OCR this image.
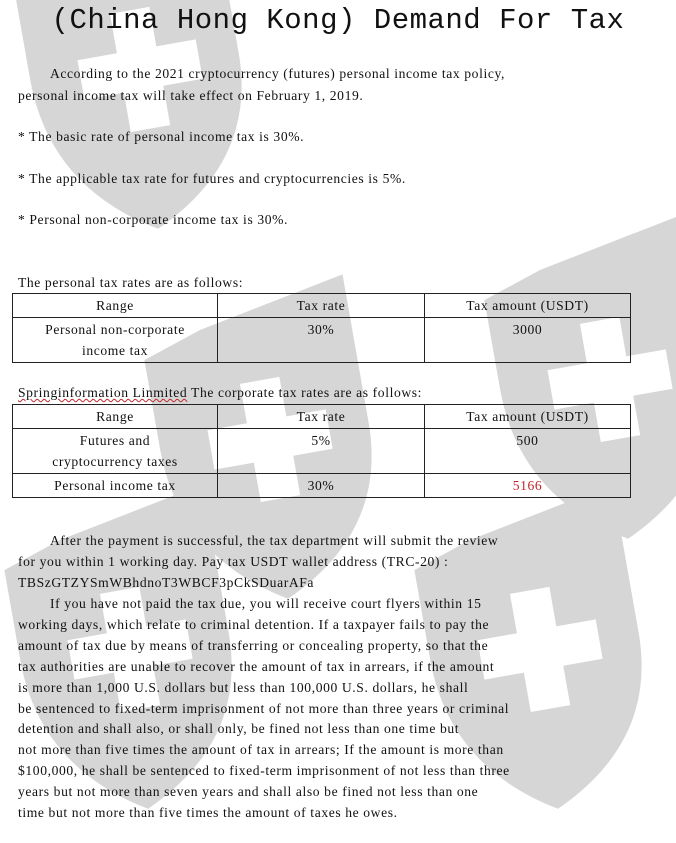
(China Hong Kong) Demand For Tax
According to the 2021 cryptocurrency (futures) personal income tax policy,
personal income tax will take effect on February 1, 2019.
* The basic rate of personal income tax is 30%.
* The applicable tax rate for futures and cryptocurrencies is 5%.
* Personal non-corporate income tax is 30%.
The personal tax rates are as follows:
Range	Tax rate	Tax amount (USDT)
Personal non-corporate
income tax	30%	3000
Springinformation Linmited The corporate tax rates are as follows:
Range	Tax rate	Tax amount (USDT)
Futures and
cryptocurrency taxes	5%	500
Personal income tax	30%	5166
After the payment is successful, the tax department will submit the review
for you within 1 working day. Pay tax USDT wallet address (TRC-20) :
TBSzGTZYSmWBhdnoT3WBCF3pCkSDuarAFa
If you have not paid the tax due, you will receive court flyers within 15
working days, which relate to criminal detention. If a taxpayer fails to pay the
amount of tax due by means of transferring or concealing property, so that the
tax authorities are unable to recover the amount of tax in arrears, if the amount
is more than 1,000 U.S. dollars but less than 100,000 U.S. dollars, he shall
be sentenced to fixed-term imprisonment of not more than three years or criminal
detention and shall also, or shall only, be fined not less than one time but
not more than five times the amount of tax in arrears; If the amount is more than
$100,000, he shall be sentenced to fixed-term imprisonment of not less than three
years but not more than seven years and shall also be fined not less than one
time but not more than five times the amount of taxes he owes.
